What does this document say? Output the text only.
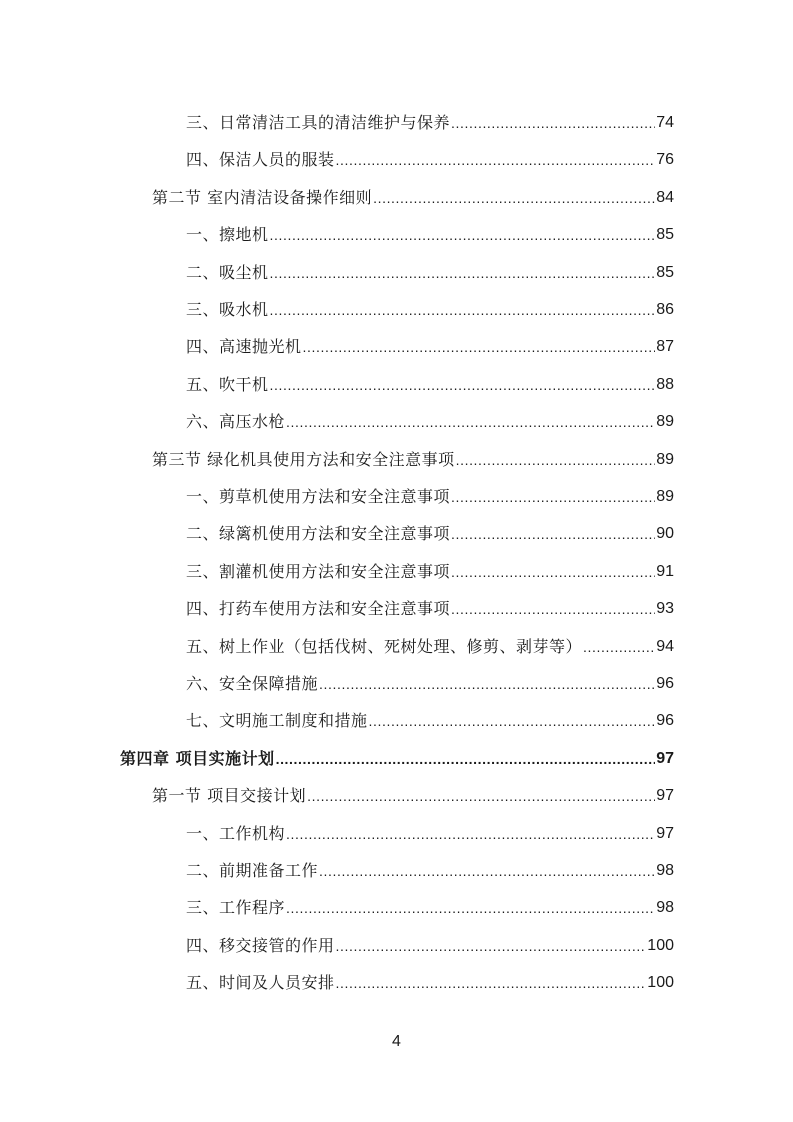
三、日常清洁工具的清洁维护与保养 .....	74
四、保洁人员的服装 .....	76
第二节 室内清洁设备操作细则 .....	84
一、擦地机 .....	85
二、吸尘机 .....	85
三、吸水机 .....	86
四、高速抛光机 .....	87
五、吹干机 .....	88
六、高压水枪 .....	89
第三节 绿化机具使用方法和安全注意事项 .....	89
一、剪草机使用方法和安全注意事项 .....	89
二、绿篱机使用方法和安全注意事项 .....	90
三、割灌机使用方法和安全注意事项 .....	91
四、打药车使用方法和安全注意事项 .....	93
五、树上作业（包括伐树、死树处理、修剪、剥芽等） .....	94
六、安全保障措施 .....	96
七、文明施工制度和措施 .....	96
第四章 项目实施计划 .....	97
第一节 项目交接计划 .....	97
一、工作机构 .....	97
二、前期准备工作 .....	98
三、工作程序 .....	98
四、移交接管的作用 .....	100
五、时间及人员安排 .....	100
4
